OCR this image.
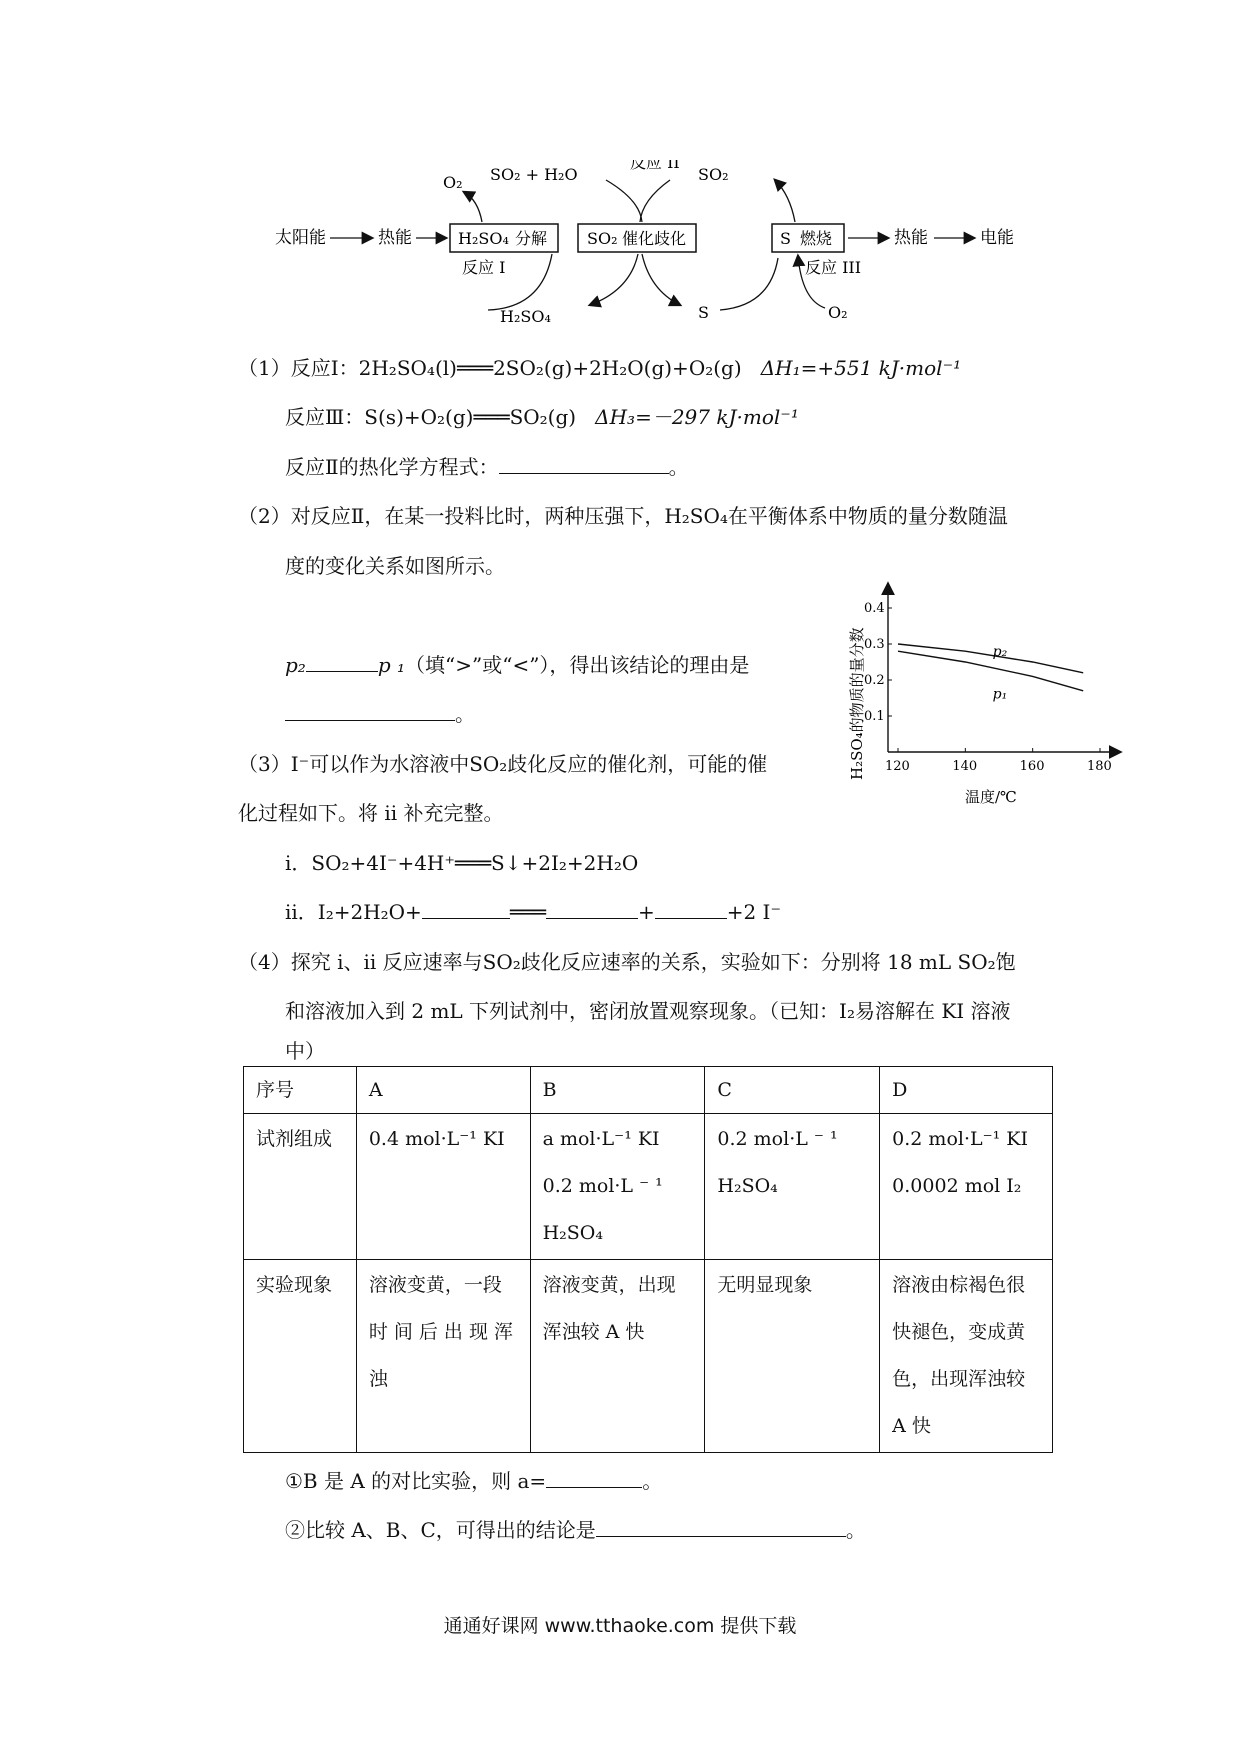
太阳能	热能	H₂SO₄ 分解
反应 I
O₂ SO₂ + H₂O
H₂SO₄
SO₂ 催化歧化
反应 II
SO₂
S
S 燃烧
反应 III
O₂
热能	电能
（1）反应Ⅰ：2H₂SO₄(l)═══2SO₂(g)+2H₂O(g)+O₂(g) ΔH₁=+551 kJ·mol⁻¹
反应Ⅲ：S(s)+O₂(g)═══SO₂(g) ΔH₃=－297 kJ·mol⁻¹
反应Ⅱ的热化学方程式：	。
（2）对反应Ⅱ，在某一投料比时，两种压强下，H₂SO₄在平衡体系中物质的量分数随温
度的变化关系如图所示。
p₂	p ₁（填“>”或“<”），得出该结论的理由是
。	H₂SO₄的物质的量分数 120	140	160	180
0.1
0.2
0.3
0.4
p₂
p₁
温度/℃
（3）I⁻可以作为水溶液中SO₂歧化反应的催化剂，可能的催
化过程如下。将 ii 补充完整。
i．SO₂+4I⁻+4H⁺═══S↓+2I₂+2H₂O
ii．I₂+2H₂O+	═══	+	+2 I⁻
（4）探究 i、ii 反应速率与SO₂歧化反应速率的关系，实验如下：分别将 18 mL SO₂饱
和溶液加入到 2 mL 下列试剂中，密闭放置观察现象。（已知：I₂易溶解在 KI 溶液
中）
序号	A	B	C	D
试剂组成	0.4 mol·L⁻¹ KI	a mol·L⁻¹ KI
0.2 mol·L ⁻ ¹
H₂SO₄	0.2 mol·L ⁻ ¹
H₂SO₄	0.2 mol·L⁻¹ KI
0.0002 mol I₂

实验现象	溶液变黄，一段
时 间 后 出 现 浑
浊	溶液变黄，出现
浑浊较 A 快	无明显现象	溶液由棕褐色很
快褪色，变成黄
色，出现浑浊较
A 快
①B 是 A 的对比实验，则 a=	。
②比较 A、B、C，可得出的结论是	。
通通好课网 www.tthaoke.com 提供下载
